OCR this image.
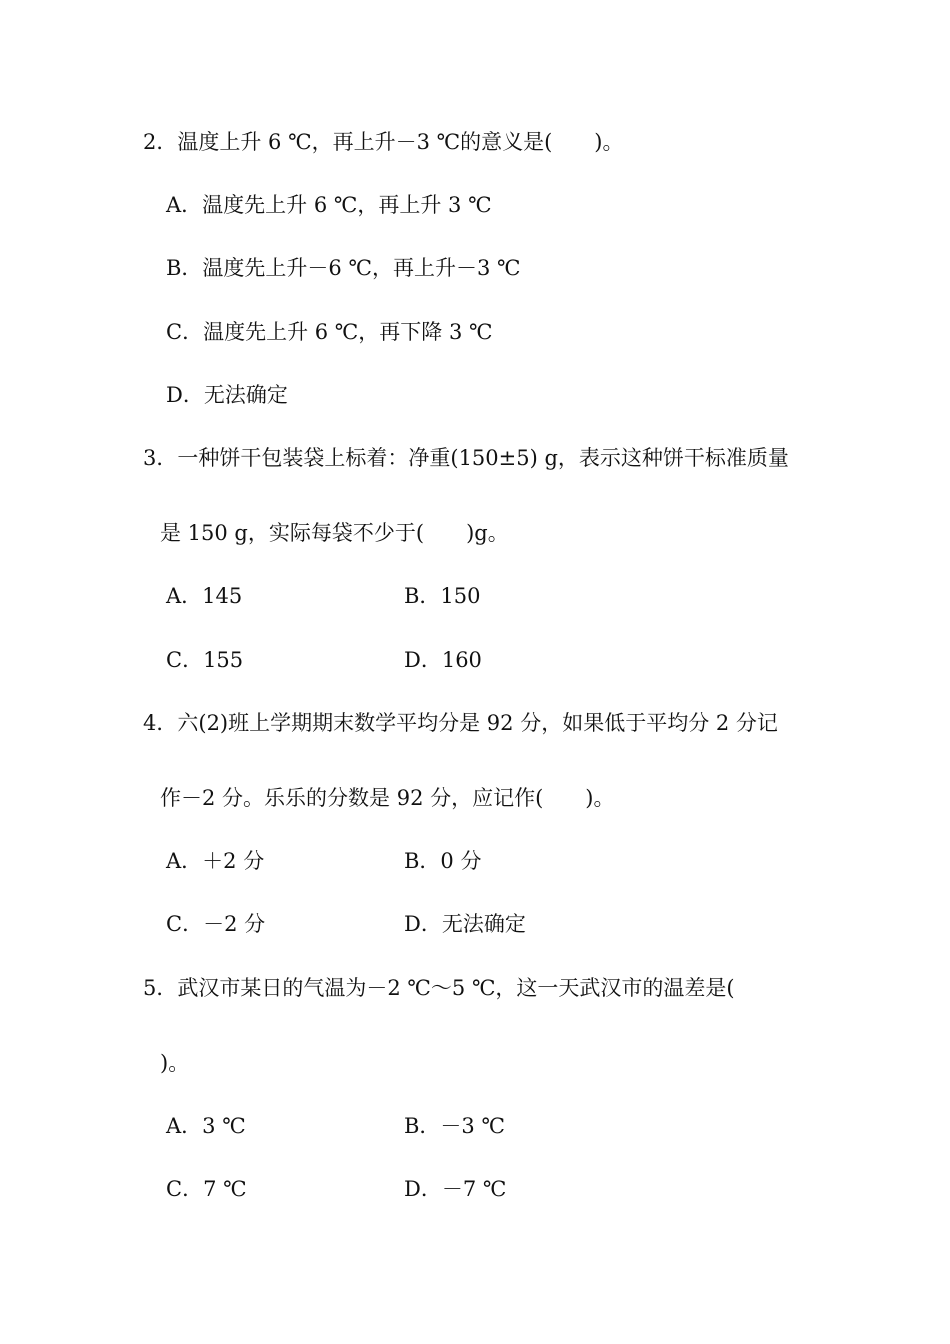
2．温度上升 6 ℃，再上升－3 ℃的意义是(　　)。
A．温度先上升 6 ℃，再上升 3 ℃
B．温度先上升－6 ℃，再上升－3 ℃
C．温度先上升 6 ℃，再下降 3 ℃
D．无法确定
3．一种饼干包装袋上标着：净重(150±5) g，表示这种饼干标准质量
是 150 g，实际每袋不少于(　　)g。
A．145	B．150
C．155	D．160
4．六(2)班上学期期末数学平均分是 92 分，如果低于平均分 2 分记
作－2 分。乐乐的分数是 92 分，应记作(　　)。
A．＋2 分	B．0 分
C．－2 分	D．无法确定
5．武汉市某日的气温为－2 ℃～5 ℃，这一天武汉市的温差是(
)。
A．3 ℃	B．－3 ℃
C．7 ℃	D．－7 ℃
